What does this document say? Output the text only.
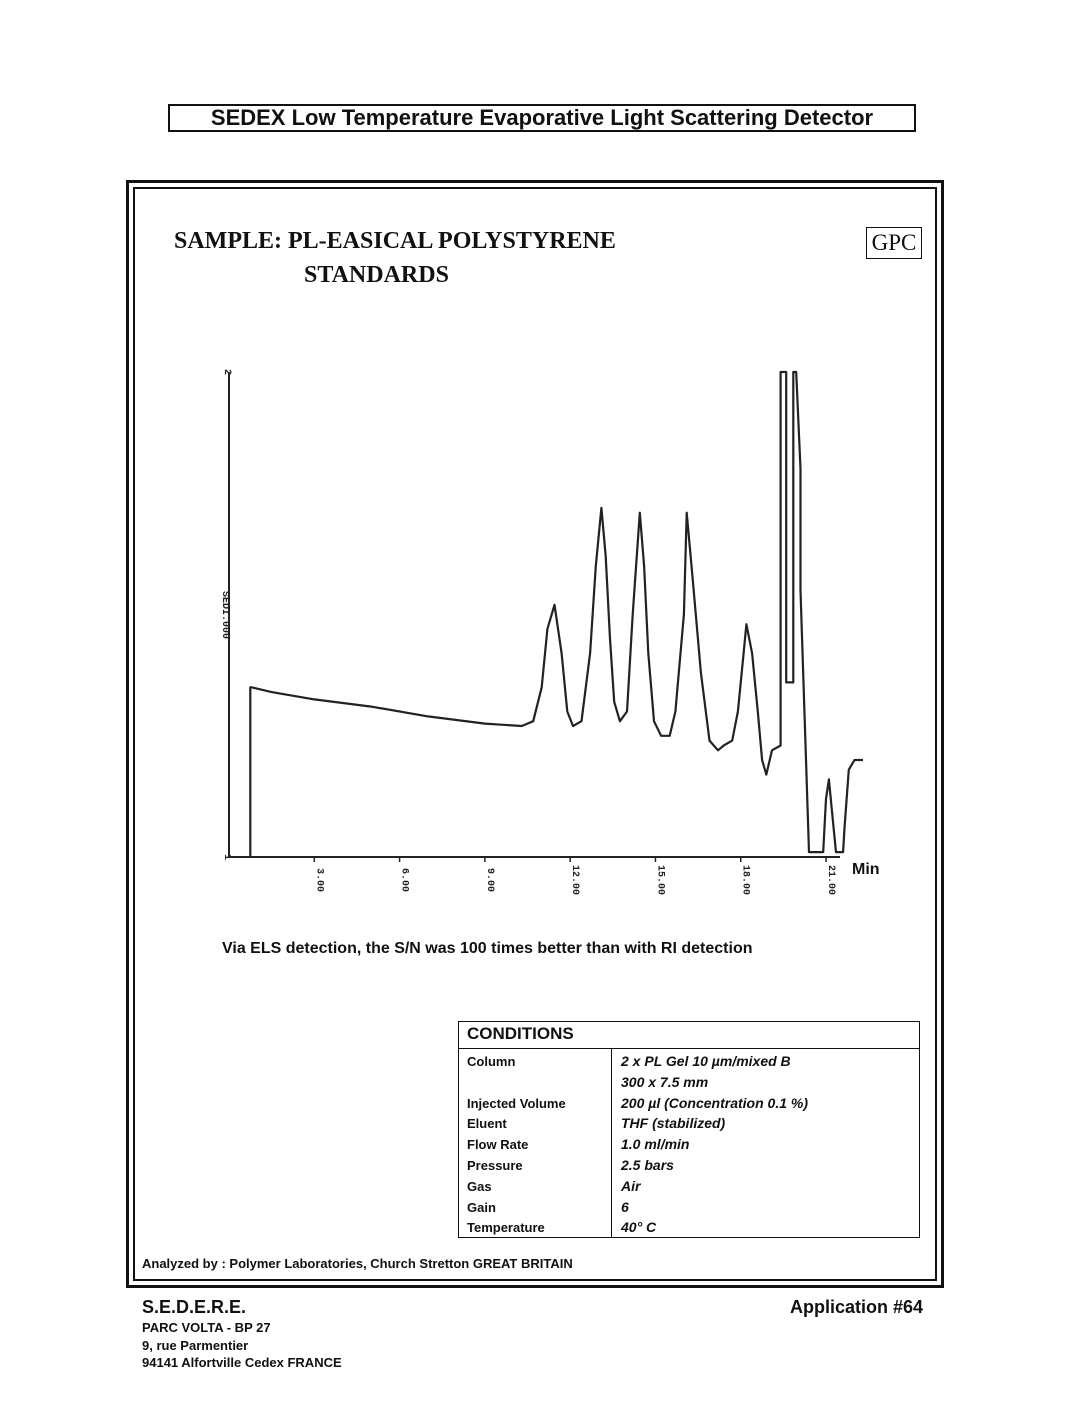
SEDEX Low Temperature Evaporative Light Scattering Detector
SAMPLE: PL-EASICAL POLYSTYRENE
STANDARDS
GPC
1
2
SEDI.000
3.00	6.00	9.00	12.00	15.00	18.00	21.00 Min
Via ELS detection, the S/N was 100 times better than with RI detection
CONDITIONS
Column	2 x PL Gel 10 µm/mixed B
300 x 7.5 mm
Injected Volume	200 µl (Concentration 0.1 %)
Eluent	THF (stabilized)
Flow Rate	1.0 ml/min
Pressure	2.5 bars
Gas	Air
Gain	6
Temperature	40° C
Analyzed by : Polymer Laboratories, Church Stretton GREAT BRITAIN
S.E.D.E.R.E.
PARC VOLTA - BP 27
9, rue Parmentier
94141 Alfortville Cedex FRANCE
Application #64
